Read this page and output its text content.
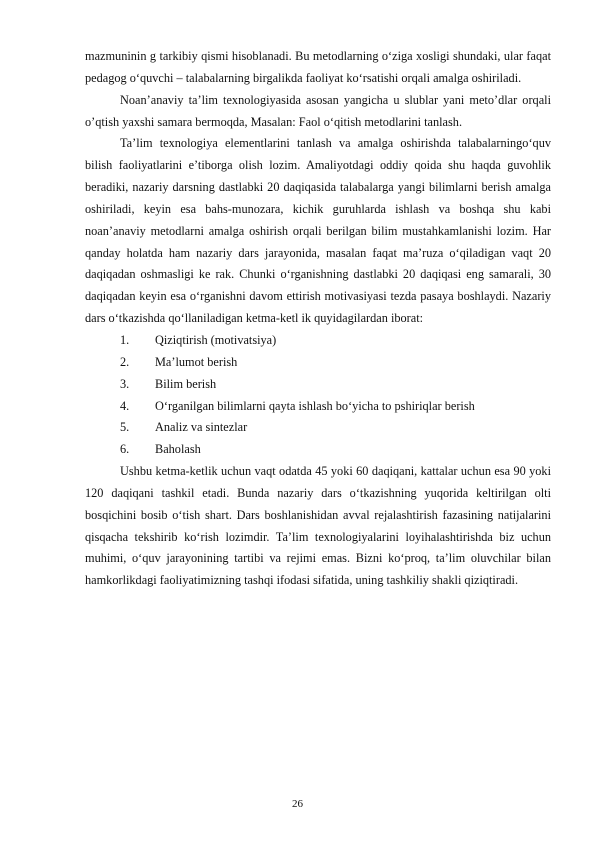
mazmuninin g tarkibiy qismi hisoblanadi. Bu metodlarning o‘ziga xosligi shundaki, ular faqat pedagog o‘quvchi – talabalarning birgalikda faoliyat ko‘rsatishi orqali amalga oshiriladi.

Noan’anaviy ta’lim texnologiyasida asosan yangicha u slublar yani meto’dlar orqali o’qtish yaxshi samara bermoqda, Masalan: Faol o‘qitish metodlarini tanlash.

Ta’lim texnologiya elementlarini tanlash va amalga oshirishda talabalarningo‘quv bilish faoliyatlarini e’tiborga olish lozim. Amaliyotdagi oddiy qoida shu haqda guvohlik beradiki, nazariy darsning dastlabki 20 daqiqasida talabalarga yangi bilimlarni berish amalga oshiriladi, keyin esa bahs-munozara, kichik guruhlarda ishlash va boshqa shu kabi noan’anaviy metodlarni amalga oshirish orqali berilgan bilim mustahkamlanishi lozim. Har qanday holatda ham nazariy dars jarayonida, masalan faqat ma’ruza o‘qiladigan vaqt 20 daqiqadan oshmasligi ke rak. Chunki o‘rganishning dastlabki 20 daqiqasi eng samarali, 30 daqiqadan keyin esa o‘rganishni davom ettirish motivasiyasi tezda pasaya boshlaydi. Nazariy dars o‘tkazishda qo‘llaniladigan ketma-ketl ik quyidagilardan iborat:

1.	Qiziqtirish (motivatsiya)
2.	Ma’lumot berish
3.	Bilim berish
4.	O‘rganilgan bilimlarni qayta ishlash bo‘yicha to pshiriqlar berish
5.	Analiz va sintezlar
6.	Baholash

Ushbu ketma-ketlik uchun vaqt odatda 45 yoki 60 daqiqani, kattalar uchun esa 90 yoki 120 daqiqani tashkil etadi. Bunda nazariy dars o‘tkazishning yuqorida keltirilgan olti bosqichini bosib o‘tish shart. Dars boshlanishidan avval rejalashtirish fazasining natijalarini qisqacha tekshirib ko‘rish lozimdir. Ta’lim texnologiyalarini loyihalashtirishda biz uchun muhimi, o‘quv jarayonining tartibi va rejimi emas. Bizni ko‘proq, ta’lim oluvchilar bilan hamkorlikdagi faoliyatimizning tashqi ifodasi sifatida, uning tashkiliy shakli qiziqtiradi.

26
